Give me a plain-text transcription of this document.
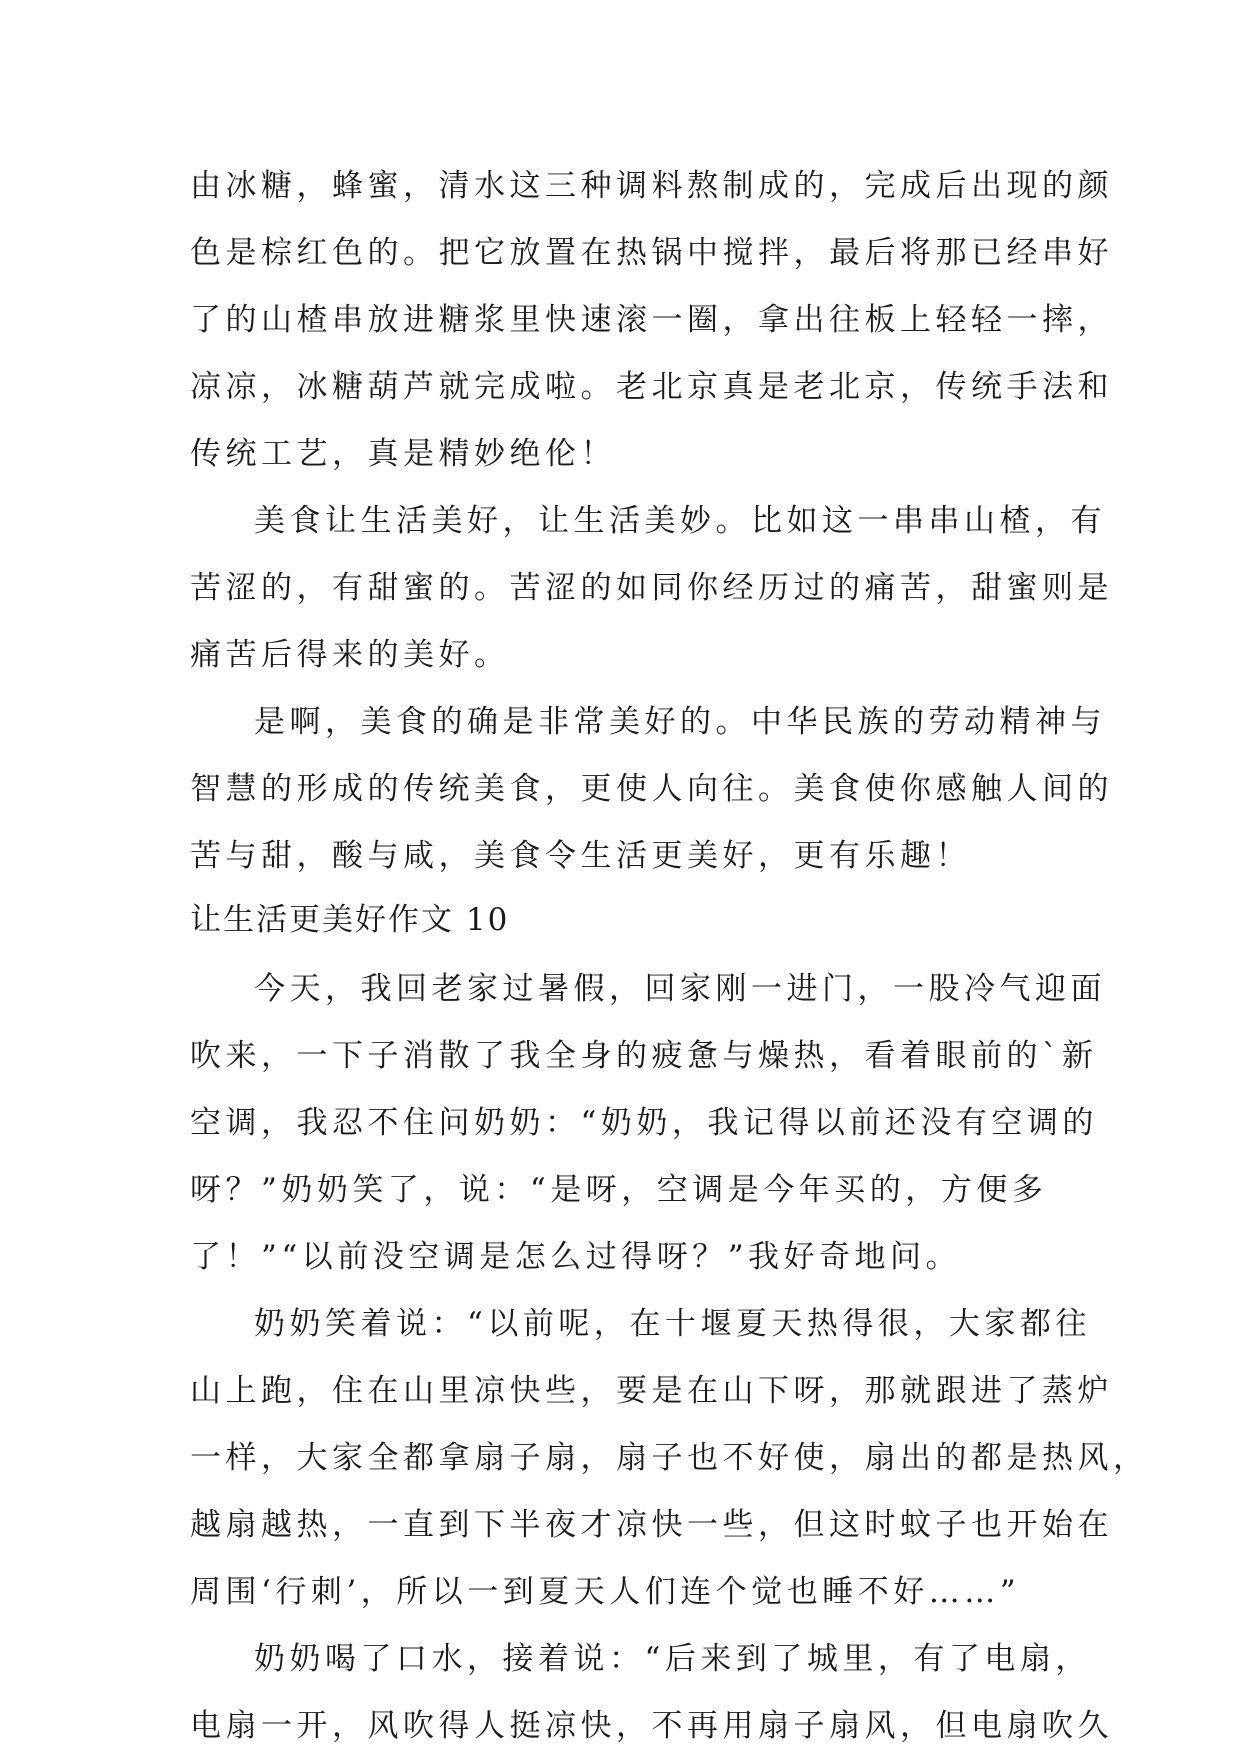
由冰糖，蜂蜜，清水这三种调料熬制成的，完成后出现的颜
色是棕红色的。把它放置在热锅中搅拌，最后将那已经串好
了的山楂串放进糖浆里快速滚一圈，拿出往板上轻轻一摔，
凉凉，冰糖葫芦就完成啦。老北京真是老北京，传统手法和
传统工艺，真是精妙绝伦！
美食让生活美好，让生活美妙。比如这一串串山楂，有
苦涩的，有甜蜜的。苦涩的如同你经历过的痛苦，甜蜜则是
痛苦后得来的美好。
是啊，美食的确是非常美好的。中华民族的劳动精神与
智慧的形成的传统美食，更使人向往。美食使你感触人间的
苦与甜，酸与咸，美食令生活更美好，更有乐趣！
让生活更美好作文 10
今天，我回老家过暑假，回家刚一进门，一股冷气迎面
吹来，一下子消散了我全身的疲惫与燥热，看着眼前的`新
空调，我忍不住问奶奶：“奶奶，我记得以前还没有空调的
呀？”奶奶笑了，说：“是呀，空调是今年买的，方便多
了！”“以前没空调是怎么过得呀？”我好奇地问。
奶奶笑着说：“以前呢，在十堰夏天热得很，大家都往
山上跑，住在山里凉快些，要是在山下呀，那就跟进了蒸炉
一样，大家全都拿扇子扇，扇子也不好使，扇出的都是热风，
越扇越热，一直到下半夜才凉快一些，但这时蚊子也开始在
周围‘行刺’，所以一到夏天人们连个觉也睡不好……”
奶奶喝了口水，接着说：“后来到了城里，有了电扇，
电扇一开，风吹得人挺凉快，不再用扇子扇风，但电扇吹久
